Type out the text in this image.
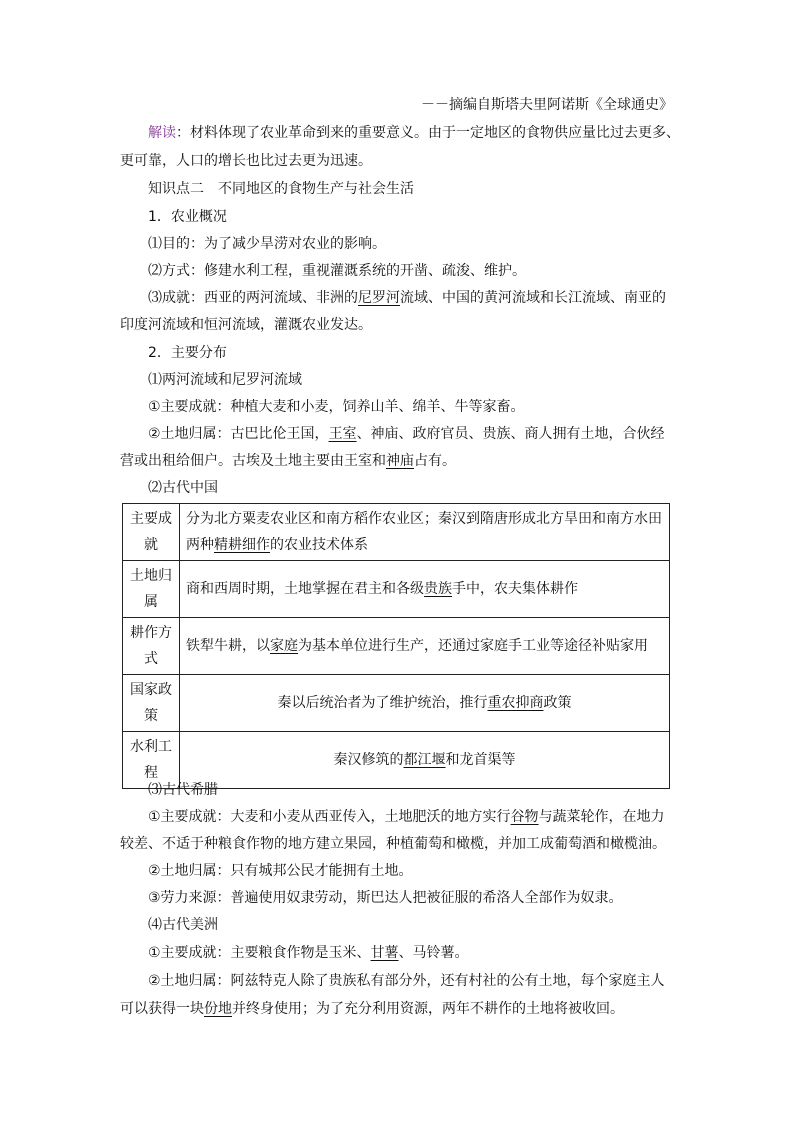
－－摘编自斯塔夫里阿诺斯《全球通史》
解读：材料体现了农业革命到来的重要意义。由于一定地区的食物供应量比过去更多、
更可靠，人口的增长也比过去更为迅速。
知识点二　不同地区的食物生产与社会生活
1．农业概况
⑴目的：为了减少旱涝对农业的影响。
⑵方式：修建水利工程，重视灌溉系统的开凿、疏浚、维护。
⑶成就：西亚的两河流域、非洲的尼罗河流域、中国的黄河流域和长江流域、南亚的
印度河流域和恒河流域，灌溉农业发达。
2．主要分布
⑴两河流域和尼罗河流域
①主要成就：种植大麦和小麦，饲养山羊、绵羊、牛等家畜。
②土地归属：古巴比伦王国，王室、神庙、政府官员、贵族、商人拥有土地，合伙经
营或出租给佃户。古埃及土地主要由王室和神庙占有。
⑵古代中国
主要成就	分为北方粟麦农业区和南方稻作农业区；秦汉到隋唐形成北方旱田和南方水田
两种精耕细作的农业技术体系

土地归属	商和西周时期，土地掌握在君主和各级贵族手中，农夫集体耕作
耕作方式	铁犁牛耕，以家庭为基本单位进行生产，还通过家庭手工业等途径补贴家用
国家政策	秦以后统治者为了维护统治，推行重农抑商政策
水利工程	秦汉修筑的都江堰和龙首渠等
⑶古代希腊
①主要成就：大麦和小麦从西亚传入，土地肥沃的地方实行谷物与蔬菜轮作，在地力
较差、不适于种粮食作物的地方建立果园，种植葡萄和橄榄，并加工成葡萄酒和橄榄油。
②土地归属：只有城邦公民才能拥有土地。
③劳力来源：普遍使用奴隶劳动，斯巴达人把被征服的希洛人全部作为奴隶。
⑷古代美洲
①主要成就：主要粮食作物是玉米、甘薯、马铃薯。
②土地归属：阿兹特克人除了贵族私有部分外，还有村社的公有土地，每个家庭主人
可以获得一块份地并终身使用；为了充分利用资源，两年不耕作的土地将被收回。
